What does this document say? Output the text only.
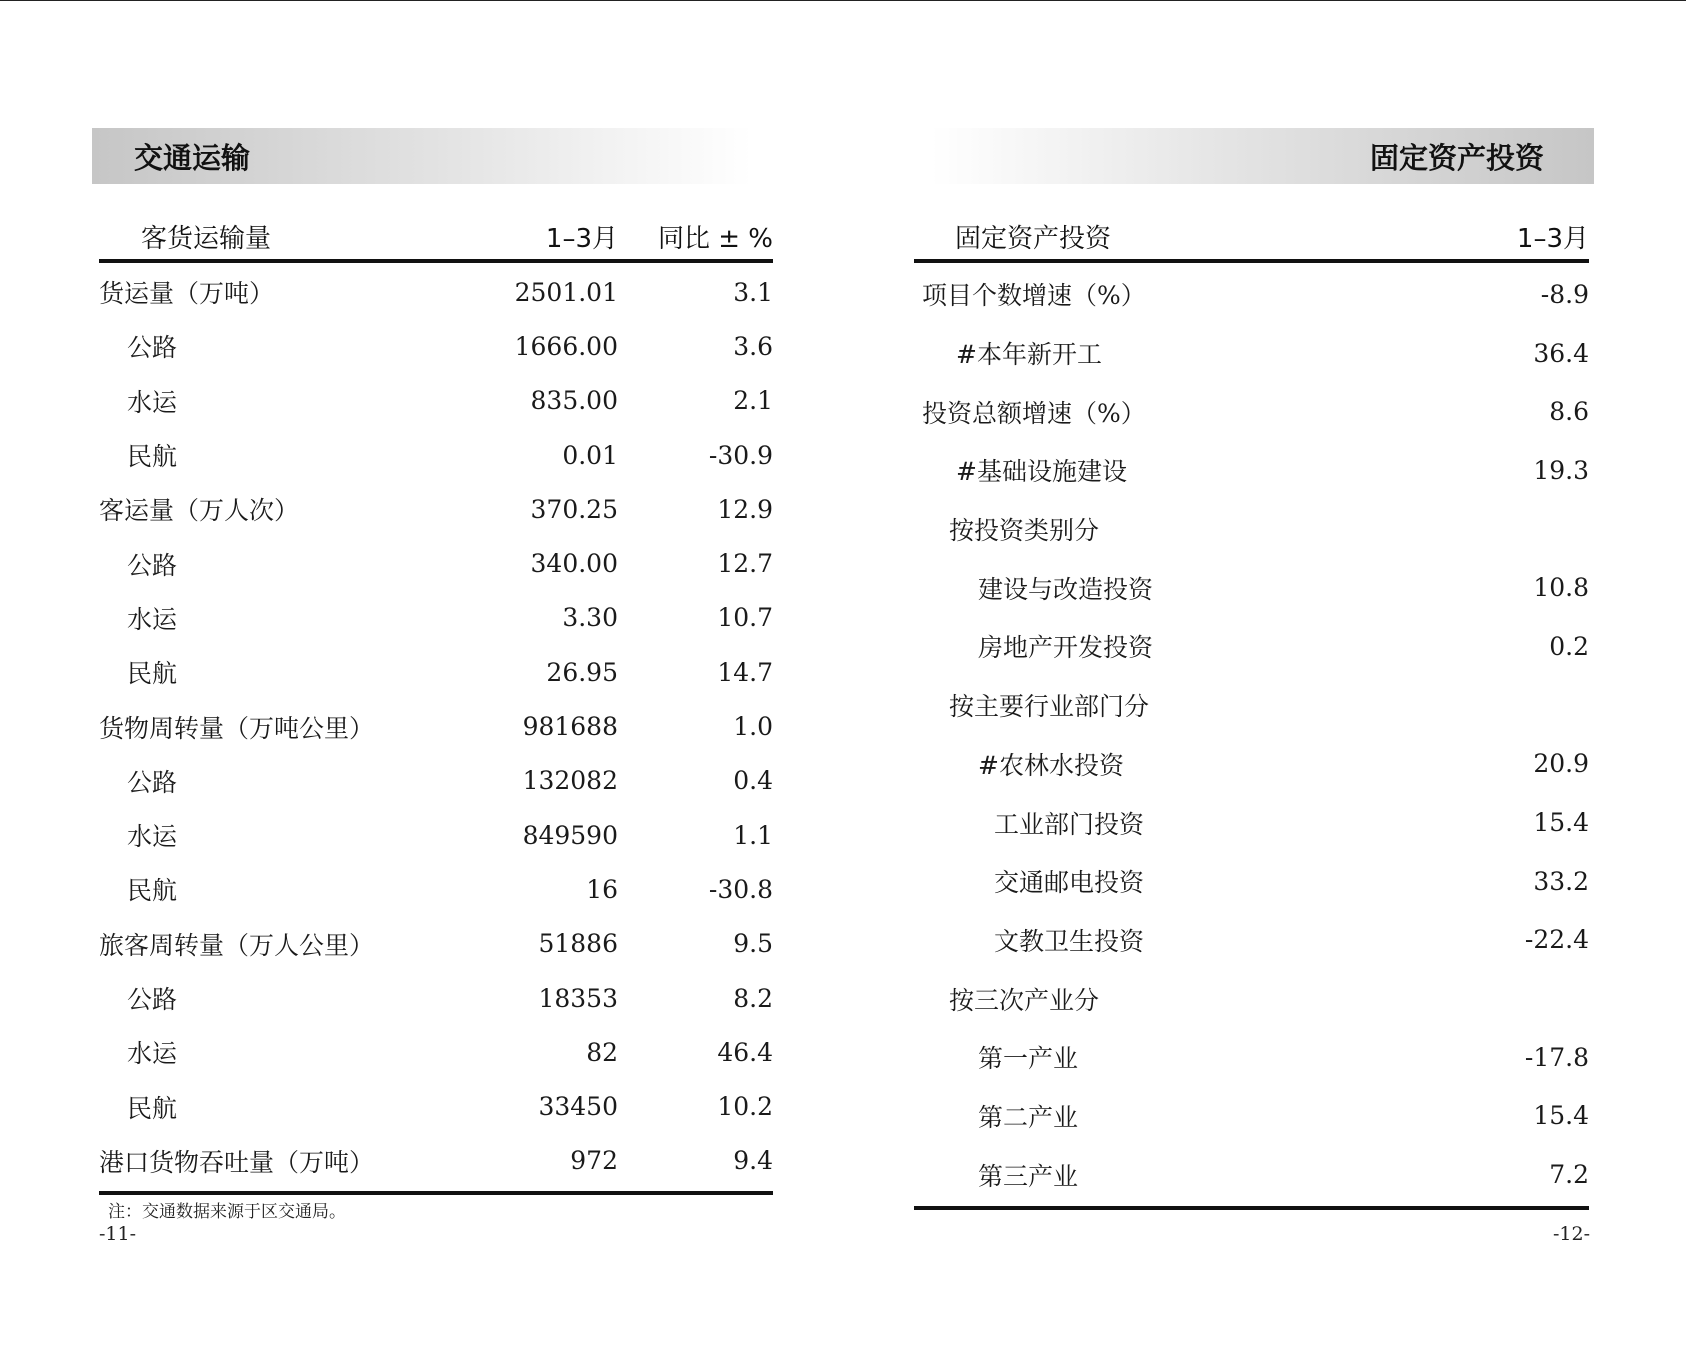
交通运输
客货运输量	1–3月	同比 ± %
货运量（万吨）	2501.01	3.1
公路	1666.00	3.6
水运	835.00	2.1
民航	0.01	-30.9
客运量（万人次）	370.25	12.9
公路	340.00	12.7
水运	3.30	10.7
民航	26.95	14.7
货物周转量（万吨公里）	981688	1.0
公路	132082	0.4
水运	849590	1.1
民航	16	-30.8
旅客周转量（万人公里）	51886	9.5
公路	18353	8.2
水运	82	46.4
民航	33450	10.2
港口货物吞吐量（万吨）	972	9.4
注：交通数据来源于区交通局。
-11-
固定资产投资
固定资产投资	1–3月
项目个数增速（%）	-8.9
#本年新开工	36.4
投资总额增速（%）	8.6
#基础设施建设	19.3
按投资类别分
建设与改造投资	10.8
房地产开发投资	0.2
按主要行业部门分
#农林水投资	20.9
工业部门投资	15.4
交通邮电投资	33.2
文教卫生投资	-22.4
按三次产业分
第一产业	-17.8
第二产业	15.4
第三产业	7.2
-12-
